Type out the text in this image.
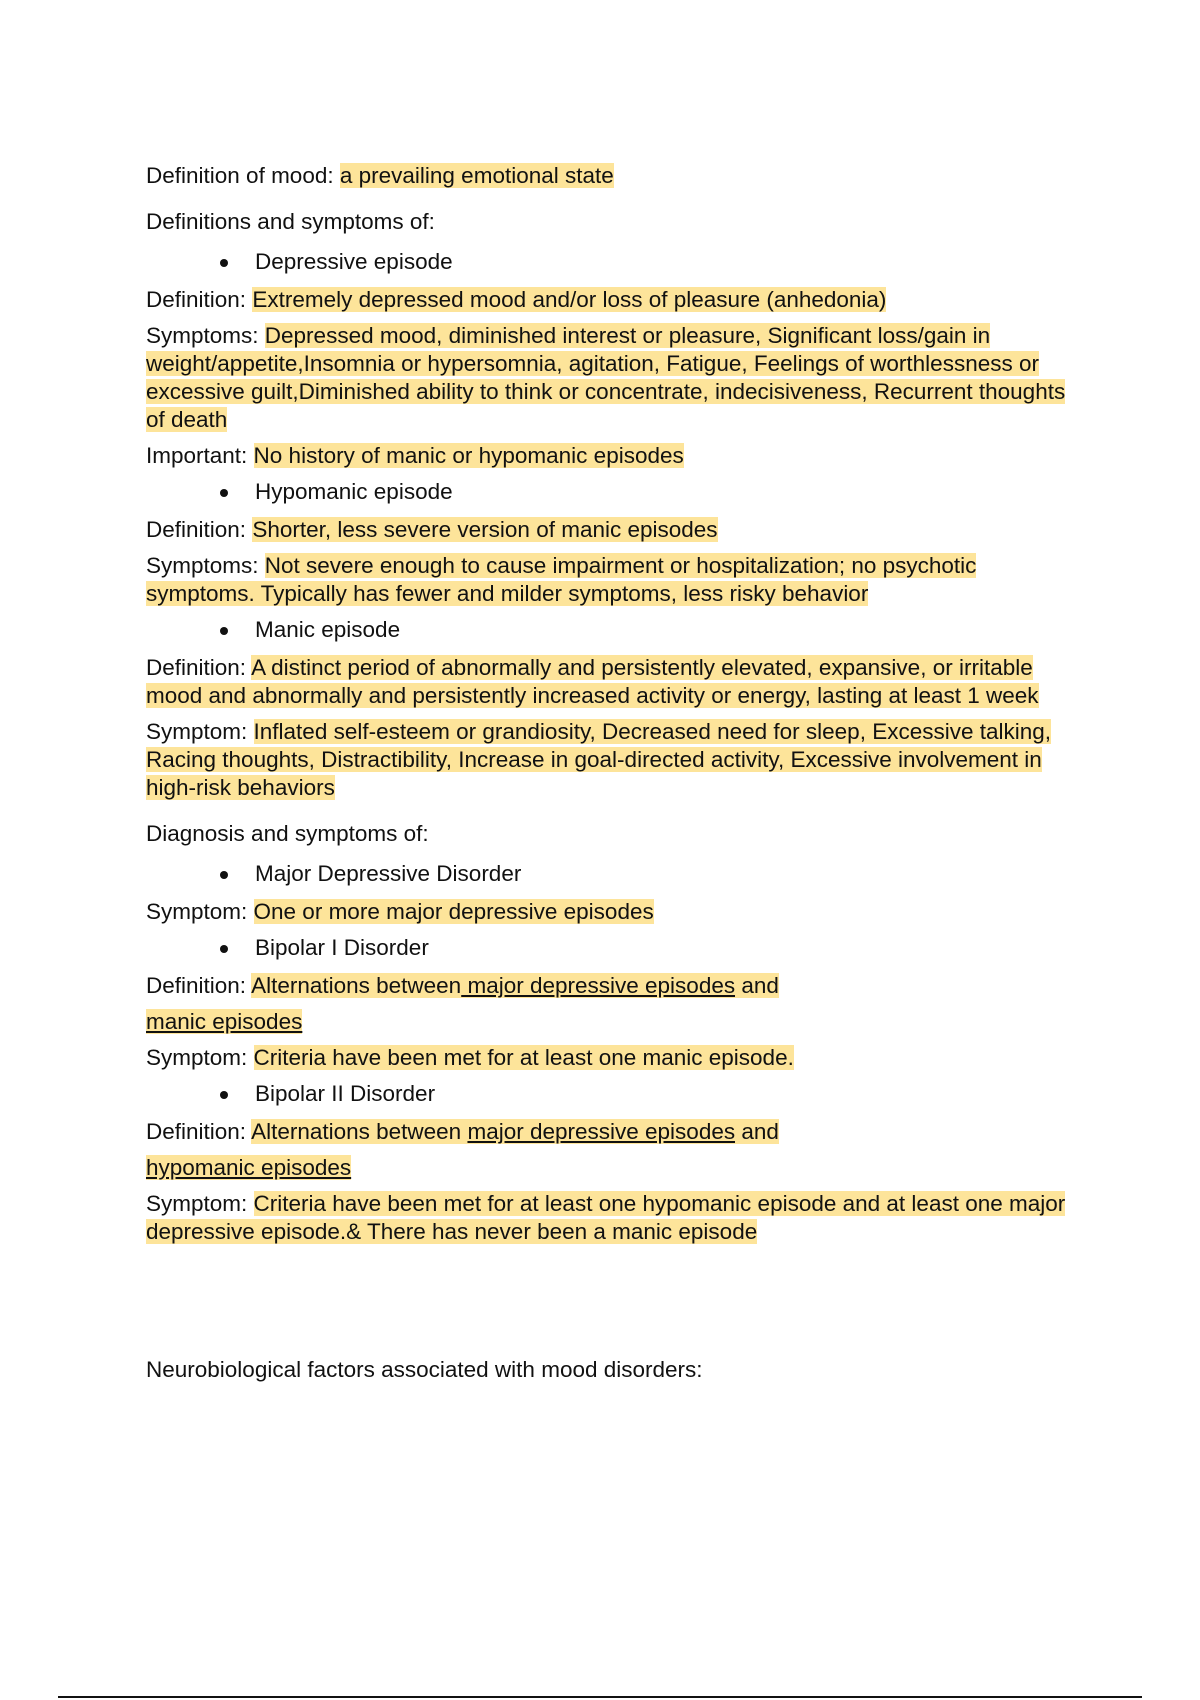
Definition of mood: a prevailing emotional state
Definitions and symptoms of:
Depressive episode
Definition: Extremely depressed mood and/or loss of pleasure (anhedonia)
Symptoms: Depressed mood, diminished interest or pleasure, Significant loss/gain in weight/appetite,Insomnia or hypersomnia, agitation, Fatigue, Feelings of worthlessness or excessive guilt,Diminished ability to think or concentrate, indecisiveness, Recurrent thoughts of death
Important: No history of manic or hypomanic episodes
Hypomanic episode
Definition: Shorter, less severe version of manic episodes
Symptoms: Not severe enough to cause impairment or hospitalization; no psychotic symptoms. Typically has fewer and milder symptoms, less risky behavior
Manic episode
Definition: A distinct period of abnormally and persistently elevated, expansive, or irritable mood and abnormally and persistently increased activity or energy, lasting at least 1 week
Symptom: Inflated self-esteem or grandiosity, Decreased need for sleep, Excessive talking, Racing thoughts, Distractibility, Increase in goal-directed activity, Excessive involvement in high-risk behaviors
Diagnosis and symptoms of:
Major Depressive Disorder
Symptom: One or more major depressive episodes
Bipolar I Disorder
Definition: Alternations between major depressive episodes and
manic episodes
Symptom: Criteria have been met for at least one manic episode.
Bipolar II Disorder
Definition: Alternations between major depressive episodes and
hypomanic episodes
Symptom: Criteria have been met for at least one hypomanic episode and at least one major depressive episode.& There has never been a manic episode
Neurobiological factors associated with mood disorders:
